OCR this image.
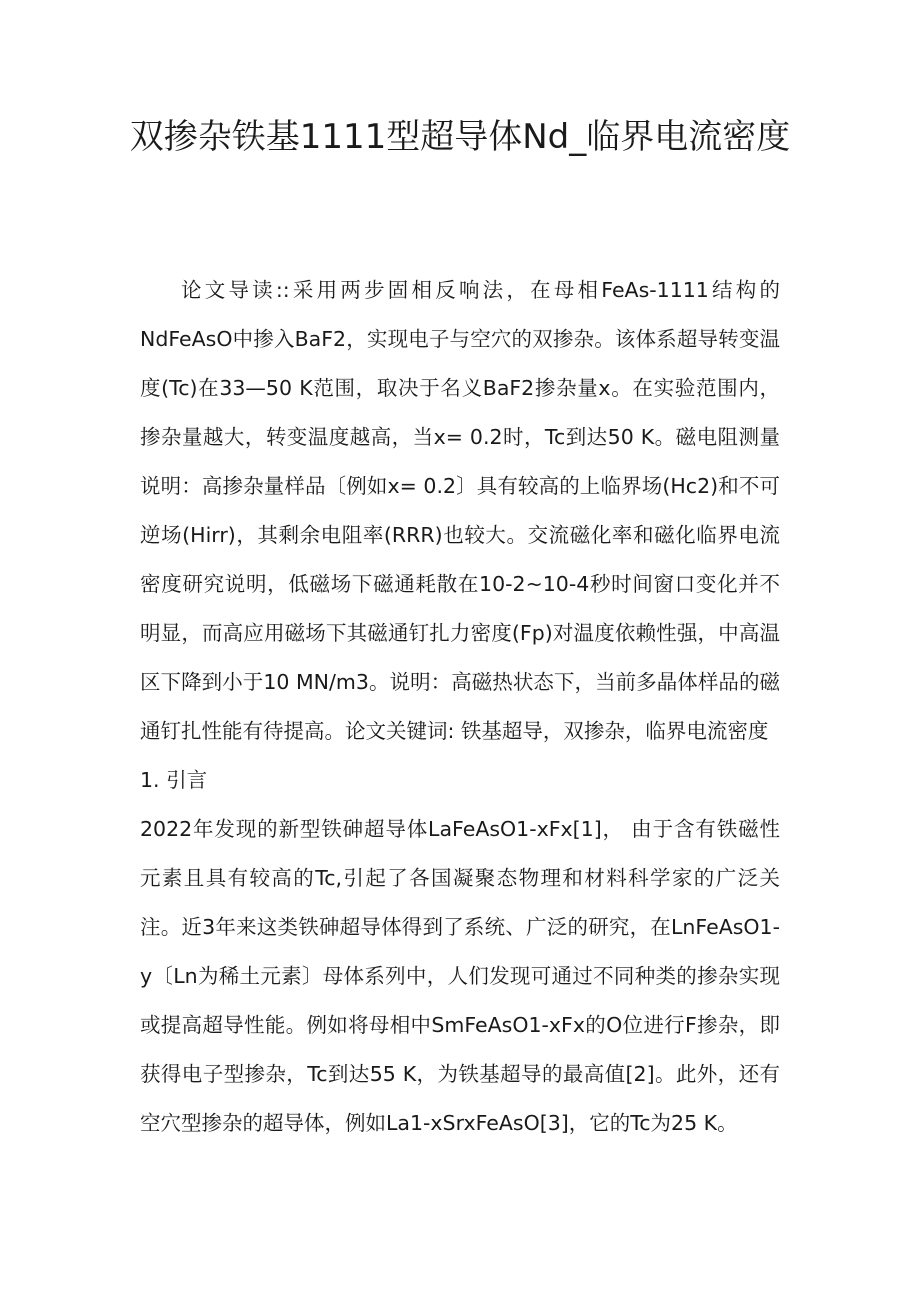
双掺杂铁基1111型超导体Nd_临界电流密度

论文导读::采用两步固相反响法，在母相FeAs-1111结构的NdFeAsO中掺入BaF2，实现电子与空穴的双掺杂。该体系超导转变温度(Tc)在33—50 K范围，取决于名义BaF2掺杂量x。在实验范围内，掺杂量越大，转变温度越高，当x= 0.2时，Tc到达50 K。磁电阻测量说明：高掺杂量样品〔例如x= 0.2〕具有较高的上临界场(Hc2)和不可逆场(Hirr)，其剩余电阻率(RRR)也较大。交流磁化率和磁化临界电流密度研究说明，低磁场下磁通耗散在10-2~10-4秒时间窗口变化并不明显，而高应用磁场下其磁通钉扎力密度(Fp)对温度依赖性强，中高温区下降到小于10 MN/m3。说明：高磁热状态下，当前多晶体样品的磁通钉扎性能有待提高。论文关键词: 铁基超导，双掺杂，临界电流密度

1. 引言

2022年发现的新型铁砷超导体LaFeAsO1-xFx[1]， 由于含有铁磁性元素且具有较高的Tc,引起了各国凝聚态物理和材料科学家的广泛关注。近3年来这类铁砷超导体得到了系统、广泛的研究，在LnFeAsO1-y〔Ln为稀土元素〕母体系列中，人们发现可通过不同种类的掺杂实现或提高超导性能。例如将母相中SmFeAsO1-xFx的O位进行F掺杂，即获得电子型掺杂，Tc到达55 K，为铁基超导的最高值[2]。此外，还有空穴型掺杂的超导体，例如La1-xSrxFeAsO[3]，它的Tc为25 K。
